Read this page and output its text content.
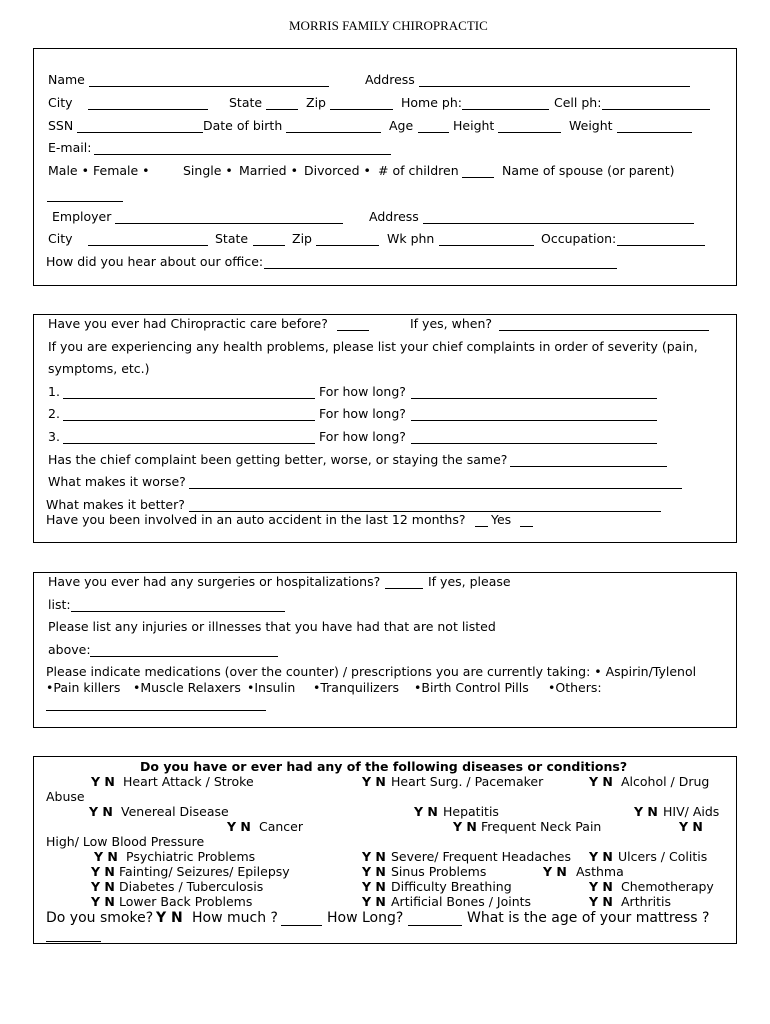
MORRIS FAMILY CHIROPRACTIC
Name	Address
City	State	Zip	Home ph:	Cell ph:
SSN	Date of birth	Age	Height	Weight
E-mail:
Male • Female •	Single • Married • Divorced • # of children	Name of spouse (or parent)
Employer	Address
City	State	Zip	Wk phn	Occupation:
How did you hear about our office:
Have you ever had Chiropractic care before?	If yes, when?
If you are experiencing any health problems, please list your chief complaints in order of severity (pain,
symptoms, etc.)
1.	For how long?
2.	For how long?
3.	For how long?
Has the chief complaint been getting better, worse, or staying the same?
What makes it worse?
What makes it better?
Have you been involved in an auto accident in the last 12 months? Yes
Have you ever had any surgeries or hospitalizations?	If yes, please
list:
Please list any injuries or illnesses that you have had that are not listed
above:
Please indicate medications (over the counter) / prescriptions you are currently taking: • Aspirin/Tylenol
•Pain killers •Muscle Relaxers •Insulin •Tranquilizers •Birth Control Pills •Others:
Do you have or ever had any of the following diseases or conditions?
Y N Heart Attack / Stroke	Y N Heart Surg. / Pacemaker	Y N Alcohol / Drug
Abuse
Y N Venereal Disease	Y N Hepatitis	Y N HIV/ Aids
Y N Cancer	Y N Frequent Neck Pain	Y N
High/ Low Blood Pressure
Y N Psychiatric Problems	Y N Severe/ Frequent Headaches Y N Ulcers / Colitis
Y N Fainting/ Seizures/ Epilepsy	Y N Sinus Problems	Y N Asthma
Y N Diabetes / Tuberculosis	Y N Difficulty Breathing	Y N Chemotherapy
Y N Lower Back Problems	Y N Artificial Bones / Joints	Y N Arthritis
Do you smoke? Y N How much ?	How Long?	What is the age of your mattress ?
